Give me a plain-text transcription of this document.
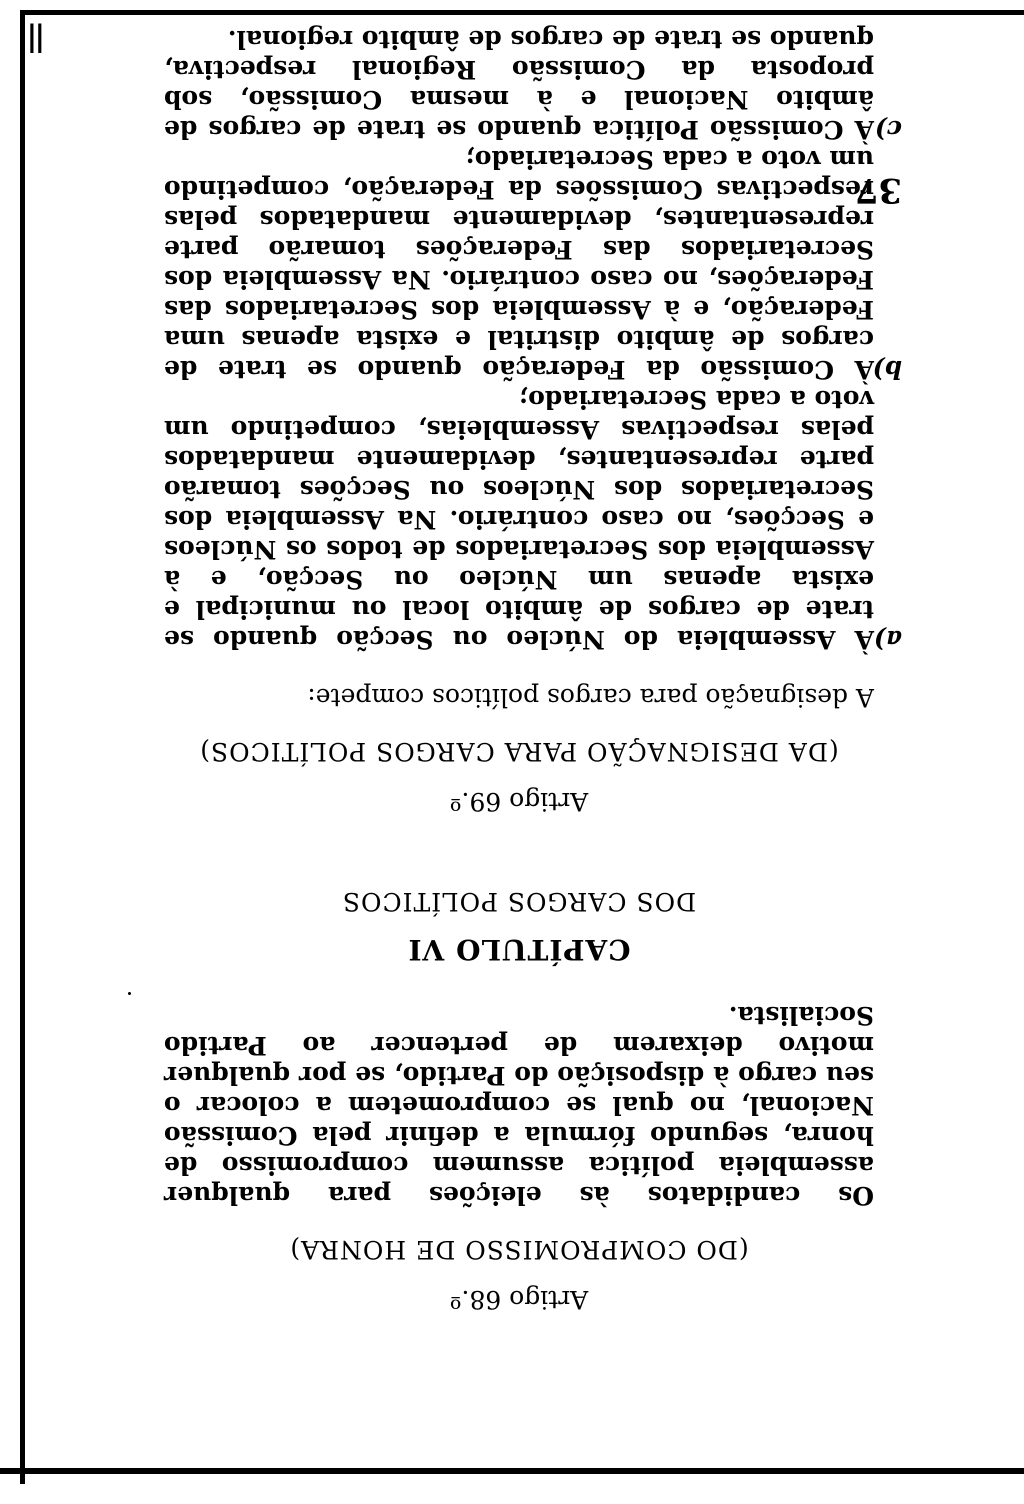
ǁ
37
Artigo 68.º
(DO COMPROMISSO DE HONRA)

Os candidatos às eleições para qualquer assembleia política assumem compromisso de honra, segundo fórmula a definir pela Comissão Nacional, no qual se comprometem a colocar o seu cargo à disposição do Partido, se por qualquer motivo deixarem de pertencer ao Partido Socialista.

CAPÍTULO VI
DOS CARGOS POLÍTICOS
Artigo 69.º
(DA DESIGNAÇÃO PARA CARGOS POLÍTICOS)

A designação para cargos políticos compete:

a)À Assembleia do Núcleo ou Secção quando se trate de cargos de âmbito local ou municipal e exista apenas um Núcleo ou Secção, e à Assembleia dos Secretariados de todos os Núcleos e Secções, no caso contrário. Na Assembleia dos Secretariados dos Núcleos ou Secções tomarão parte representantes, devidamente mandatados pelas respectivas Assembleias, competindo um voto a cada Secretariado;
b)À Comissão da Federação quando se trate de cargos de âmbito distrital e exista apenas uma Federação, e à Assembleia dos Secretariados das Federações, no caso contrário. Na Assembleia dos Secretariados das Federações tomarão parte representantes, devidamente mandatados pelas respectivas Comissões da Federação, competindo um voto a cada Secretariado;
c)À Comissão Política quando se trate de cargos de âmbito Nacional e à mesma Comissão, sob proposta da Comissão Regional respectiva, quando se trate de cargos de âmbito regional.
